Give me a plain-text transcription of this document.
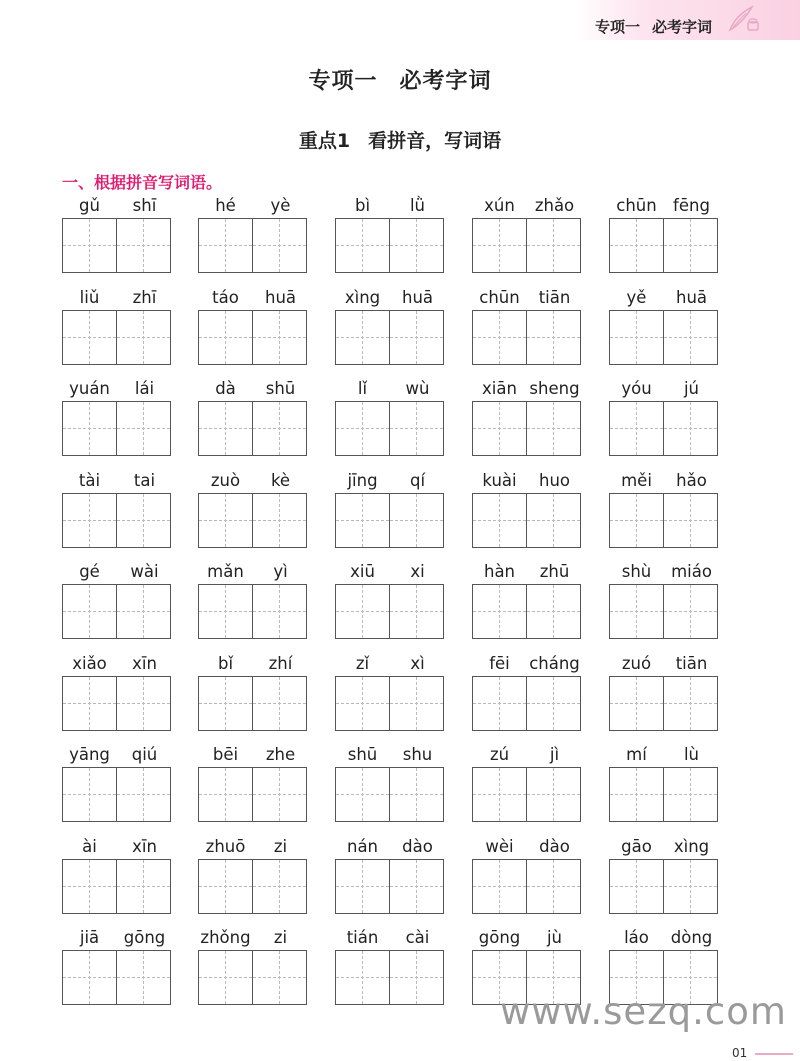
专项一 必考字词
专项一 必考字词
重点1 看拼音，写词语
一、根据拼音写词语。
gǔ	shī	hé	yè	bì	lǜ	xún	zhǎo	chūn fēng
liǔ	zhī	táo	huā	xìng	huā	chūn	tiān	yě	huā
yuán	lái	dà	shū	lǐ	wù	xiān sheng	yóu	jú
tài	tai	zuò	kè	jīng	qí	kuài	huo	měi	hǎo
gé	wài	mǎn	yì	xiū	xi	hàn	zhū	shù	miáo
xiǎo	xīn	bǐ	zhí	zǐ	xì	fēi	cháng	zuó	tiān
yāng	qiú	bēi	zhe	shū	shu	zú	jì	mí	lù
ài	xīn	zhuō	zi	nán	dào	wèi	dào	gāo	xìng
jiā	gōng	zhǒng	zi	tián	cài	gōng	jù	láo	dòng
www.sezq.com
01
